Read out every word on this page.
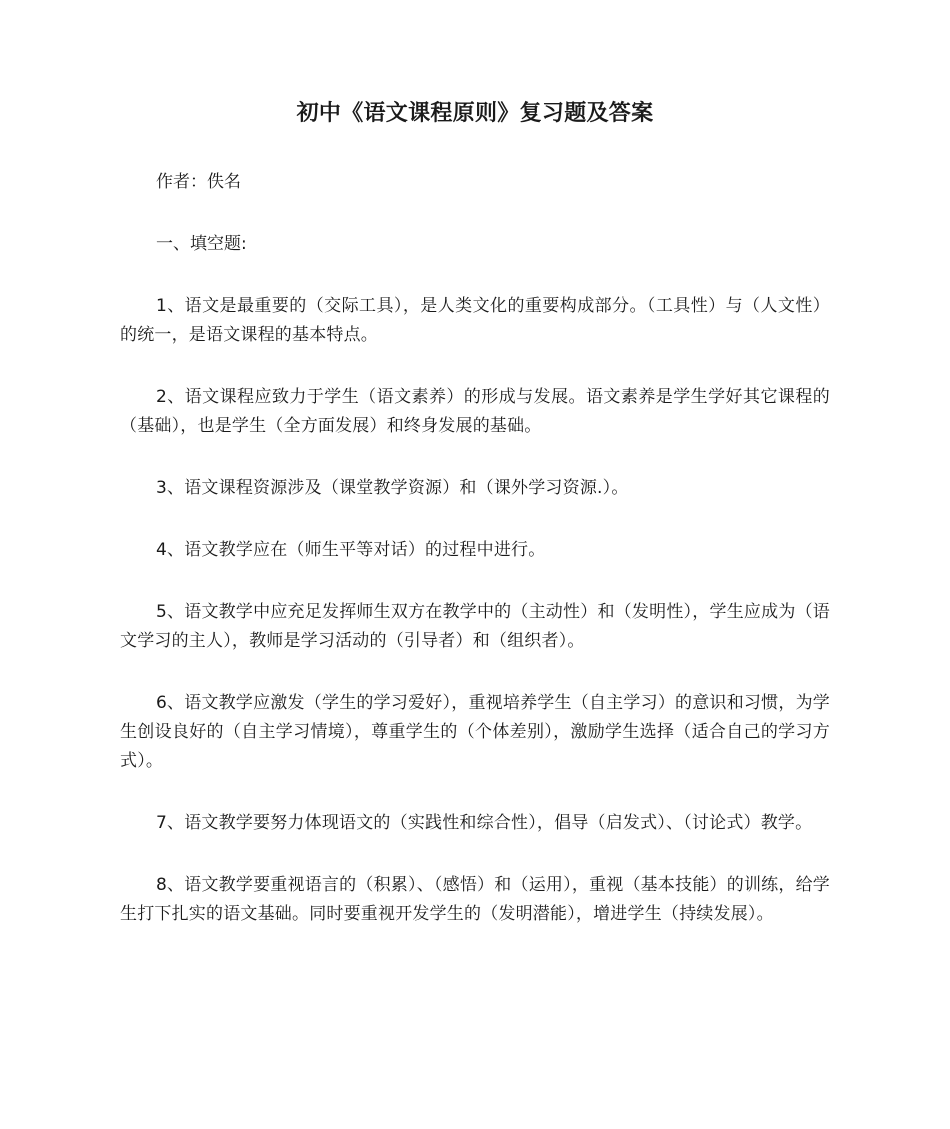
初中《语文课程原则》复习题及答案
作者：佚名
一、填空题:
1、语文是最重要的（交际工具），是人类文化的重要构成部分。（工具性）与（人文性）的统一，是语文课程的基本特点。
2、语文课程应致力于学生（语文素养）的形成与发展。语文素养是学生学好其它课程的（基础），也是学生（全方面发展）和终身发展的基础。
3、语文课程资源涉及（课堂教学资源）和（课外学习资源.）。
4、语文教学应在（师生平等对话）的过程中进行。
5、语文教学中应充足发挥师生双方在教学中的（主动性）和（发明性），学生应成为（语文学习的主人），教师是学习活动的（引导者）和（组织者）。
6、语文教学应激发（学生的学习爱好），重视培养学生（自主学习）的意识和习惯，为学生创设良好的（自主学习情境），尊重学生的（个体差别），激励学生选择（适合自己的学习方式）。
7、语文教学要努力体现语文的（实践性和综合性），倡导（启发式）、（讨论式）教学。
8、语文教学要重视语言的（积累）、（感悟）和（运用），重视（基本技能）的训练，给学生打下扎实的语文基础。同时要重视开发学生的（发明潜能），增进学生（持续发展）。
